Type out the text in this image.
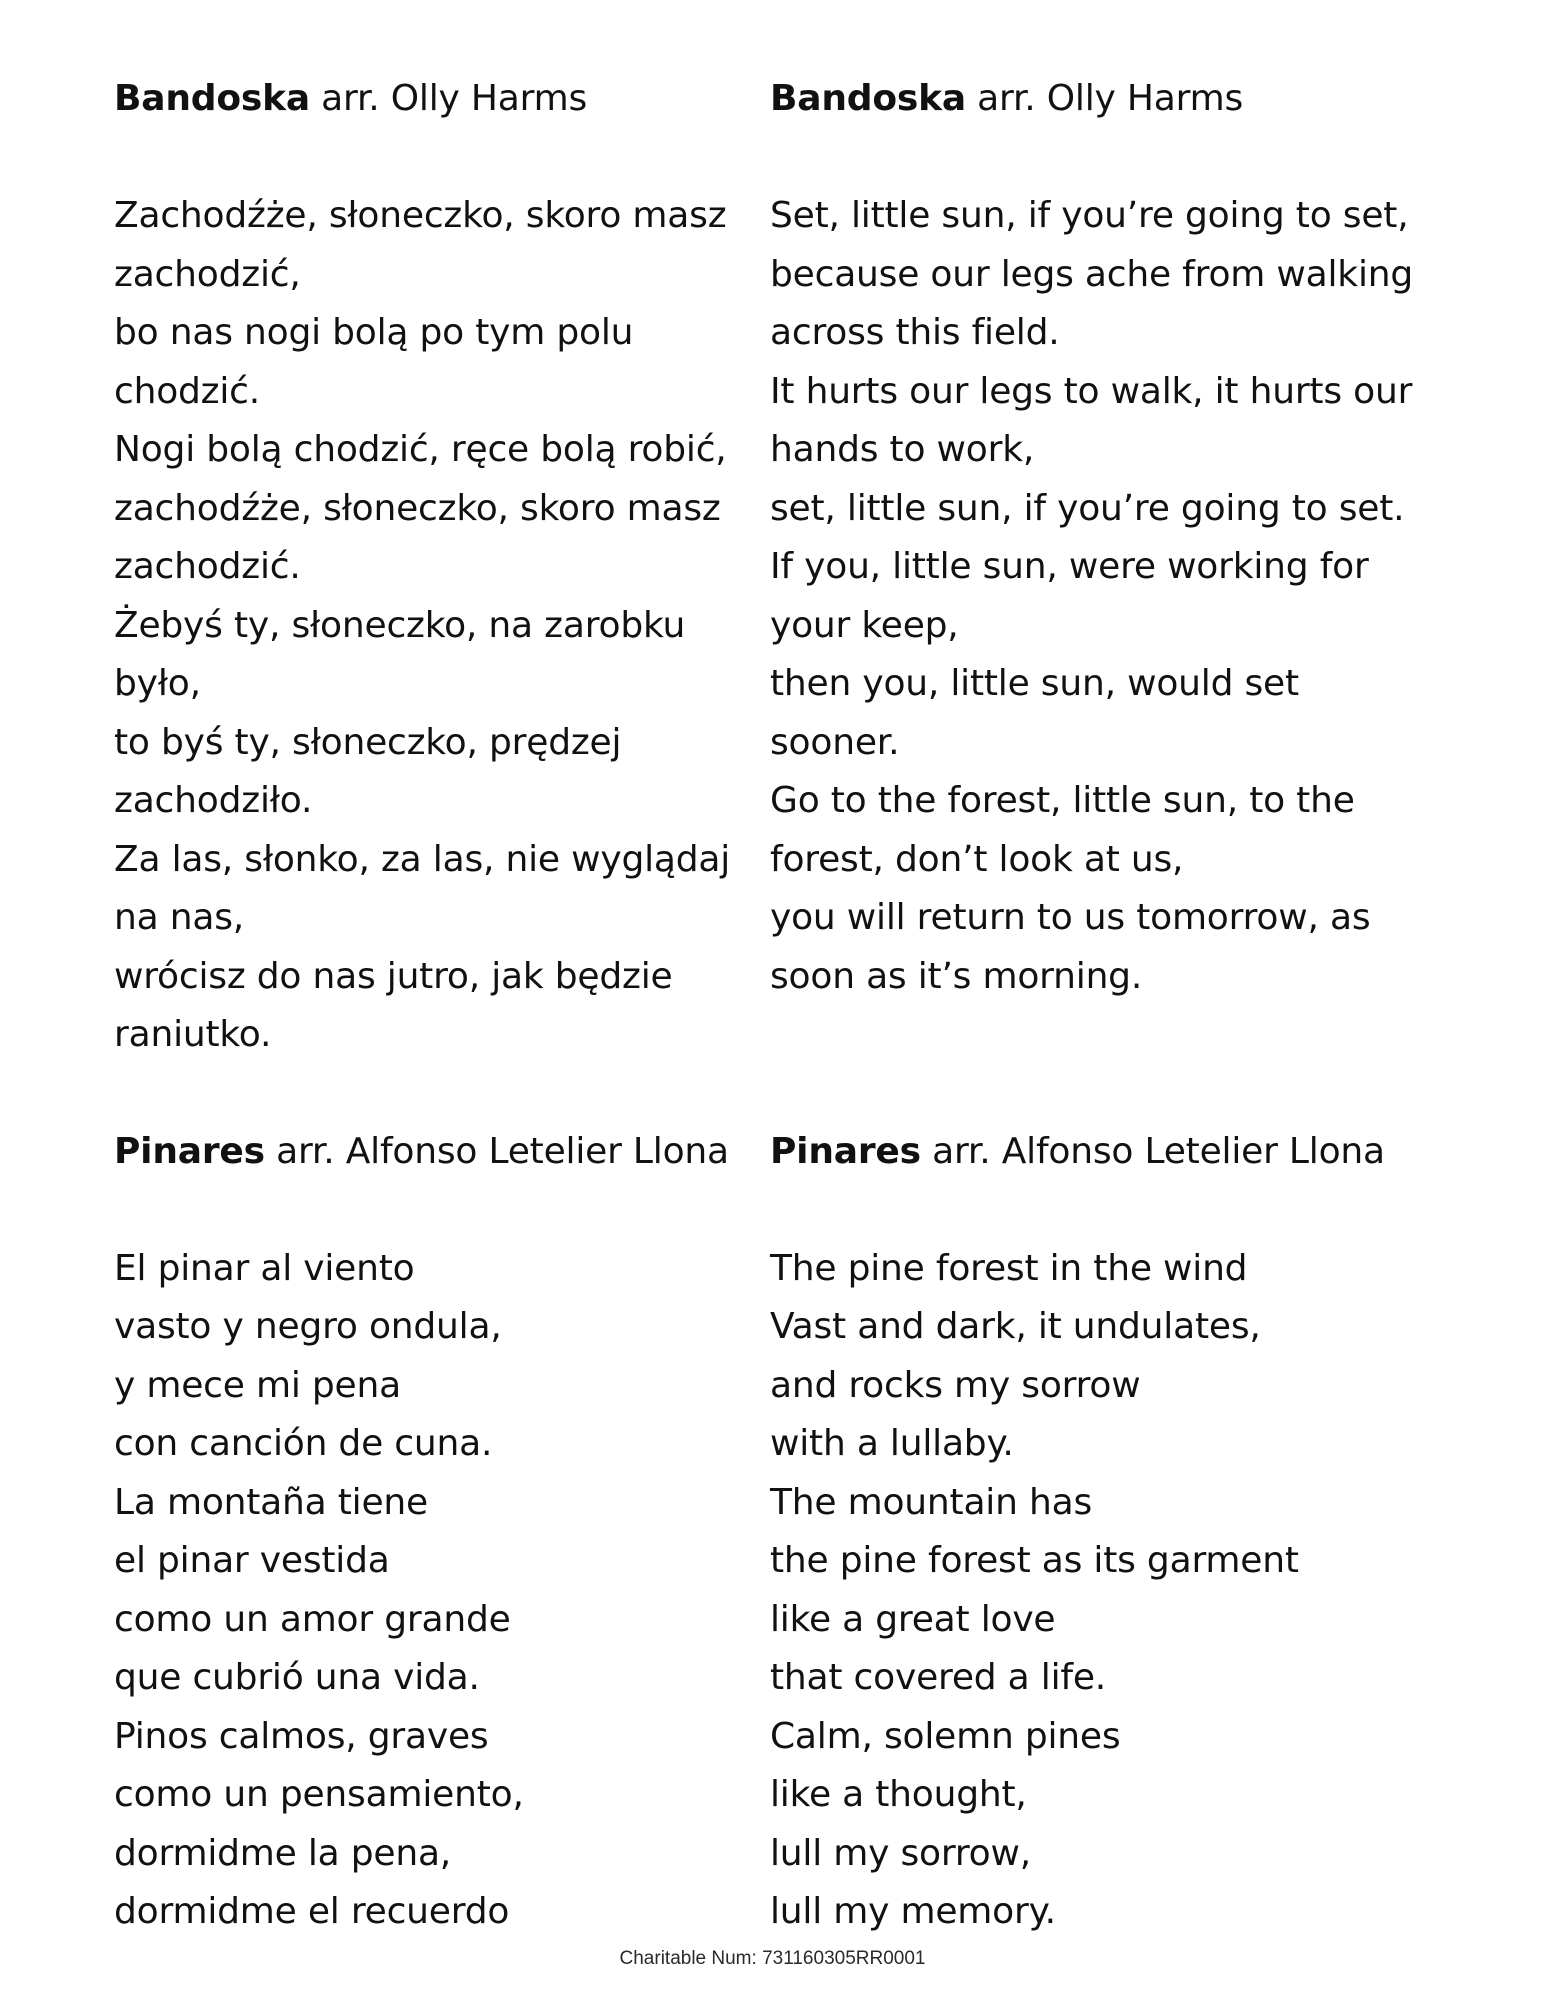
Bandoska arr. Olly Harms

Zachodźże, słoneczko, skoro masz zachodzić,
bo nas nogi bolą po tym polu chodzić.
Nogi bolą chodzić, ręce bolą robić,
zachodźże, słoneczko, skoro masz zachodzić.
Żebyś ty, słoneczko, na zarobku było,
to byś ty, słoneczko, prędzej zachodziło.
Za las, słonko, za las, nie wyglądaj na nas,
wrócisz do nas jutro, jak będzie raniutko.

Bandoska arr. Olly Harms

Set, little sun, if you’re going to set,
because our legs ache from walking across this field.
It hurts our legs to walk, it hurts our hands to work,
set, little sun, if you’re going to set.
If you, little sun, were working for your keep,
then you, little sun, would set sooner.
Go to the forest, little sun, to the forest, don’t look at us,
you will return to us tomorrow, as soon as it’s morning.

Pinares arr. Alfonso Letelier Llona

El pinar al viento
vasto y negro ondula,
y mece mi pena
con canción de cuna.
La montaña tiene
el pinar vestida
como un amor grande
que cubrió una vida.
Pinos calmos, graves
como un pensamiento,
dormidme la pena,
dormidme el recuerdo

Pinares arr. Alfonso Letelier Llona

The pine forest in the wind
Vast and dark, it undulates,
and rocks my sorrow
with a lullaby.
The mountain has
the pine forest as its garment
like a great love
that covered a life.
Calm, solemn pines
like a thought,
lull my sorrow,
lull my memory.
Charitable Num: 731160305RR0001
